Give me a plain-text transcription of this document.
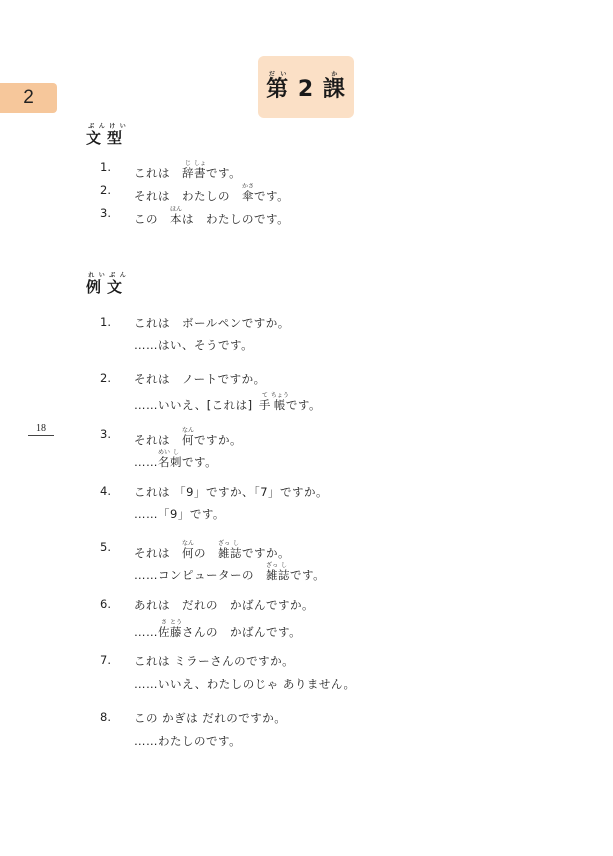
2	第だい 2 課か
18
文ぶん型けい
1. これは 辞じ書しょです。
2. それは わたしの 傘かさです。
3. この 本ほんは わたしのです。
例れい文ぶん
1. これは ボールペンですか。
……はい、そうです。
2. それは ノートですか。
……いいえ、[これは] 手て帳ちょうです。
3. それは 何なんですか。
……名めい刺しです。
4. これは 「9」ですか、「7」ですか。
……「9」です。
5. それは 何なんの 雑ざっ誌しですか。
……コンピューターの 雑ざっ誌しです。
6. あれは だれの かばんですか。
……佐さ藤とうさんの かばんです。
7. これは ミラーさんのですか。
……いいえ、わたしのじゃ ありません。
8. この かぎは だれのですか。
……わたしのです。
